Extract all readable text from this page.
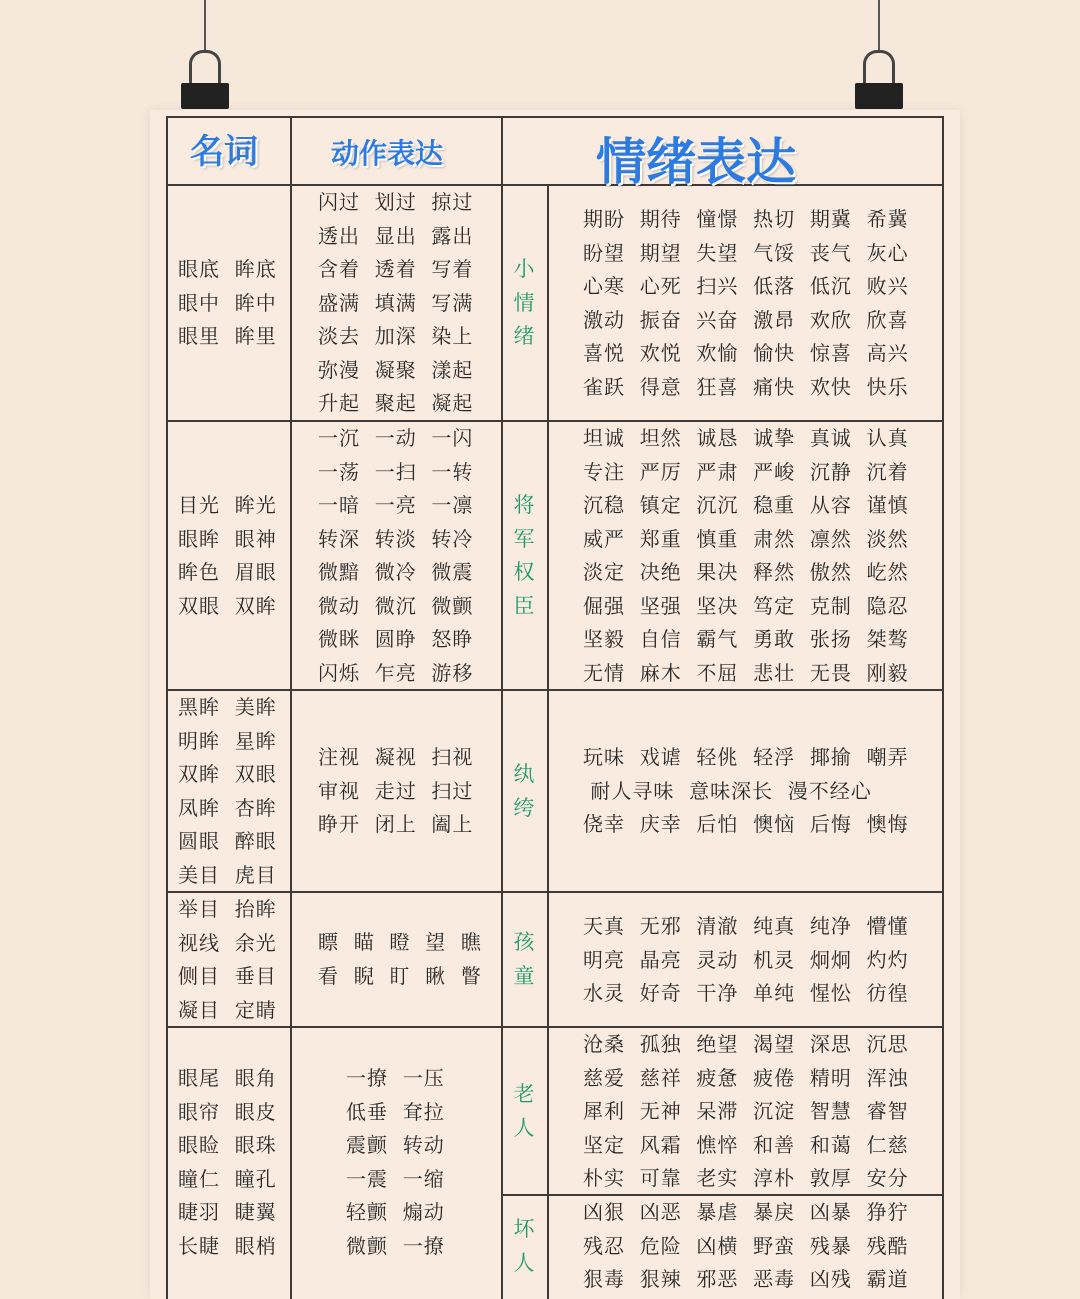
名词	动作表达	情绪表达
眼底  眸底
眼中  眸中
眼里  眸里
闪过  划过  掠过
透出  显出  露出
含着  透着  写着
盛满  填满  写满
淡去  加深  染上
弥漫  凝聚  漾起
升起  聚起  凝起
小
情
绪
期盼  期待  憧憬  热切  期冀  希冀
盼望  期望  失望  气馁  丧气  灰心
心寒  心死  扫兴  低落  低沉  败兴
激动  振奋  兴奋  激昂  欢欣  欣喜
喜悦  欢悦  欢愉  愉快  惊喜  高兴
雀跃  得意  狂喜  痛快  欢快  快乐
目光  眸光
眼眸  眼神
眸色  眉眼
双眼  双眸
一沉  一动  一闪
一荡  一扫  一转
一暗  一亮  一凛
转深  转淡  转冷
微黯  微冷  微震
微动  微沉  微颤
微眯  圆睁  怒睁
闪烁  乍亮  游移
将
军
权
臣
坦诚  坦然  诚恳  诚挚  真诚  认真
专注  严厉  严肃  严峻  沉静  沉着
沉稳  镇定  沉沉  稳重  从容  谨慎
威严  郑重  慎重  肃然  凛然  淡然
淡定  决绝  果决  释然  傲然  屹然
倔强  坚强  坚决  笃定  克制  隐忍
坚毅  自信  霸气  勇敢  张扬  桀骜
无情  麻木  不屈  悲壮  无畏  刚毅
黑眸  美眸
明眸  星眸
双眸  双眼
凤眸  杏眸
圆眼  醉眼
美目  虎目
注视  凝视  扫视
审视  走过  扫过
睁开  闭上  阖上
纨
绔
玩味  戏谑  轻佻  轻浮  揶揄  嘲弄
耐人寻味  意味深长  漫不经心
侥幸  庆幸  后怕  懊恼  后悔  懊悔
举目  抬眸
视线  余光
侧目  垂目
凝目  定睛
瞟  瞄  瞪  望  瞧
看  睨  盯  瞅  瞥
孩
童
天真  无邪  清澈  纯真  纯净  懵懂
明亮  晶亮  灵动  机灵  炯炯  灼灼
水灵  好奇  干净  单纯  惺忪  彷徨
眼尾  眼角
眼帘  眼皮
眼睑  眼珠
瞳仁  瞳孔
睫羽  睫翼
长睫  眼梢
一撩  一压
低垂  耷拉
震颤  转动
一震  一缩
轻颤  煽动
微颤  一撩
老
人
沧桑  孤独  绝望  渴望  深思  沉思
慈爱  慈祥  疲惫  疲倦  精明  浑浊
犀利  无神  呆滞  沉淀  智慧  睿智
坚定  风霜  憔悴  和善  和蔼  仁慈
朴实  可靠  老实  淳朴  敦厚  安分
坏
人
凶狠  凶恶  暴虐  暴戾  凶暴  狰狞
残忍  危险  凶横  野蛮  残暴  残酷
狠毒  狠辣  邪恶  恶毒  凶残  霸道
